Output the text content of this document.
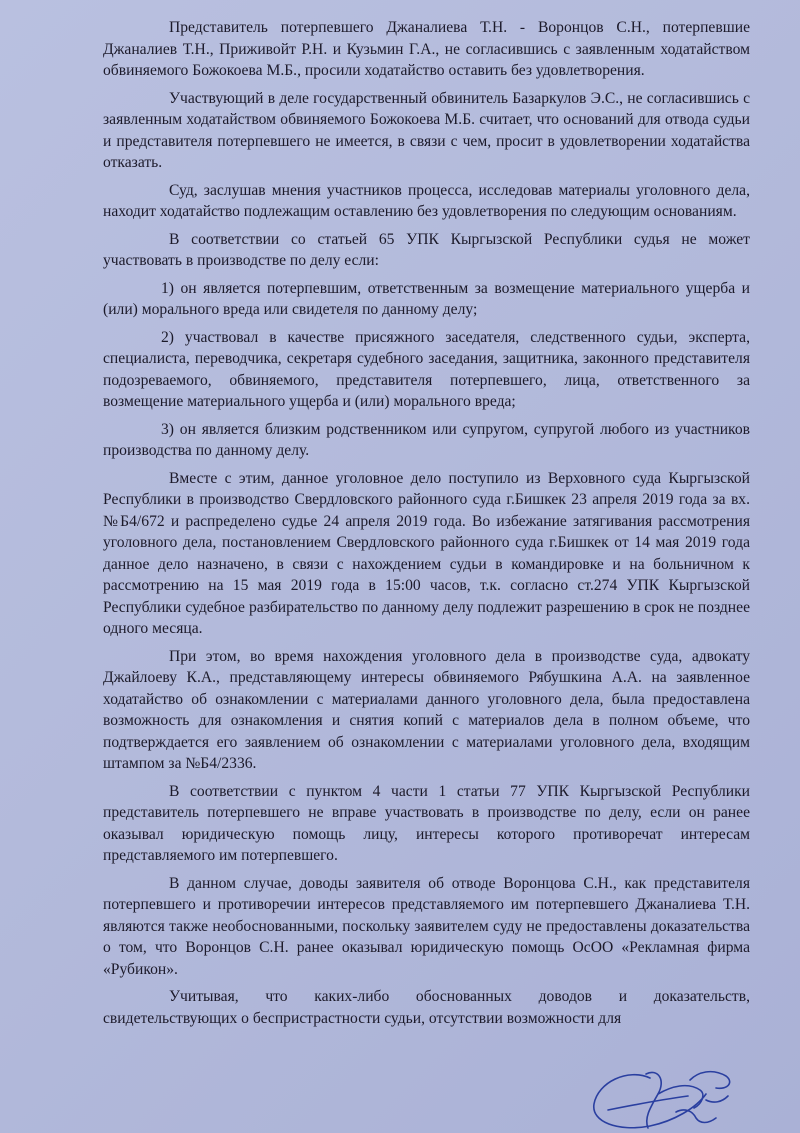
Представитель потерпевшего Джаналиева Т.Н. - Воронцов С.Н., потерпевшие Джаналиев Т.Н., Приживойт Р.Н. и Кузьмин Г.А., не согласившись с заявленным ходатайством обвиняемого Божокоева М.Б., просили ходатайство оставить без удовлетворения.

Участвующий в деле государственный обвинитель Базаркулов Э.С., не согласившись с заявленным ходатайством обвиняемого Божокоева М.Б. считает, что оснований для отвода судьи и представителя потерпевшего не имеется, в связи с чем, просит в удовлетворении ходатайства отказать.

Суд, заслушав мнения участников процесса, исследовав материалы уголовного дела, находит ходатайство подлежащим оставлению без удовлетворения по следующим основаниям.

В соответствии со статьей 65 УПК Кыргызской Республики судья не может участвовать в производстве по делу если:

1) он является потерпевшим, ответственным за возмещение материального ущерба и (или) морального вреда или свидетеля по данному делу;

2) участвовал в качестве присяжного заседателя, следственного судьи, эксперта, специалиста, переводчика, секретаря судебного заседания, защитника, законного представителя подозреваемого, обвиняемого, представителя потерпевшего, лица, ответственного за возмещение материального ущерба и (или) морального вреда;

3) он является близким родственником или супругом, супругой любого из участников производства по данному делу.

Вместе с этим, данное уголовное дело поступило из Верховного суда Кыргызской Республики в производство Свердловского районного суда г.Бишкек 23 апреля 2019 года за вх.№Б4/672 и распределено судье 24 апреля 2019 года. Во избежание затягивания рассмотрения уголовного дела, постановлением Свердловского районного суда г.Бишкек от 14 мая 2019 года данное дело назначено, в связи с нахождением судьи в командировке и на больничном к рассмотрению на 15 мая 2019 года в 15:00 часов, т.к. согласно ст.274 УПК Кыргызской Республики судебное разбирательство по данному делу подлежит разрешению в срок не позднее одного месяца.

При этом, во время нахождения уголовного дела в производстве суда, адвокату Джайлоеву К.А., представляющему интересы обвиняемого Рябушкина А.А. на заявленное ходатайство об ознакомлении с материалами данного уголовного дела, была предоставлена возможность для ознакомления и снятия копий с материалов дела в полном объеме, что подтверждается его заявлением об ознакомлении с материалами уголовного дела, входящим штампом за №Б4/2336.

В соответствии с пунктом 4 части 1 статьи 77 УПК Кыргызской Республики представитель потерпевшего не вправе участвовать в производстве по делу, если он ранее оказывал юридическую помощь лицу, интересы которого противоречат интересам представляемого им потерпевшего.

В данном случае, доводы заявителя об отводе Воронцова С.Н., как представителя потерпевшего и противоречии интересов представляемого им потерпевшего Джаналиева Т.Н. являются также необоснованными, поскольку заявителем суду не предоставлены доказательства о том, что Воронцов С.Н. ранее оказывал юридическую помощь ОсОО «Рекламная фирма «Рубикон».

Учитывая, что каких-либо обоснованных доводов и доказательств, свидетельствующих о беспристрастности судьи, отсутствии возможности для
